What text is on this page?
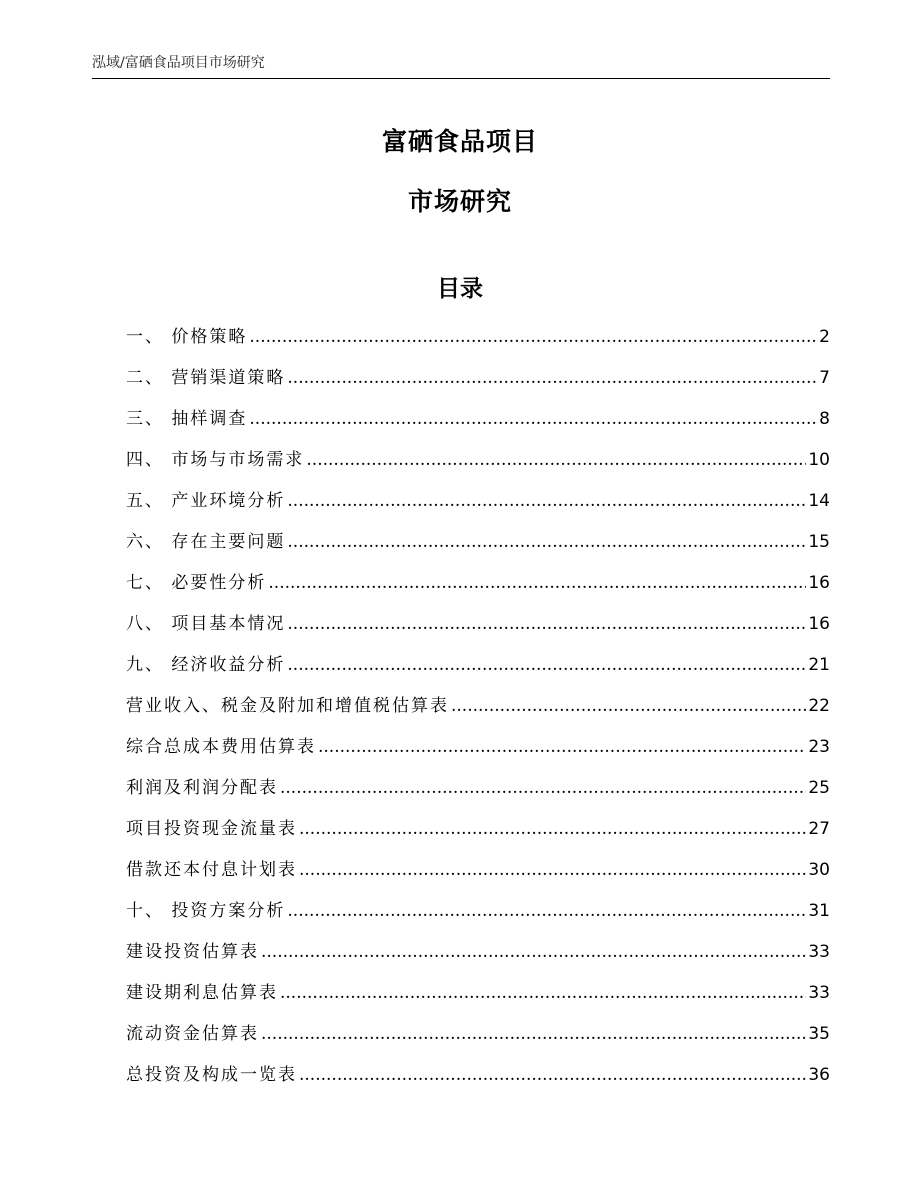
泓域/富硒食品项目市场研究
富硒食品项目
市场研究
目录
一、 价格策略 .....	2
二、 营销渠道策略 .....	7
三、 抽样调查 .....	8
四、 市场与市场需求 .....	10
五、 产业环境分析 .....	14
六、 存在主要问题 .....	15
七、 必要性分析 .....	16
八、 项目基本情况 .....	16
九、 经济收益分析 .....	21
营业收入、税金及附加和增值税估算表 .....	22
综合总成本费用估算表 .....	23
利润及利润分配表 .....	25
项目投资现金流量表 .....	27
借款还本付息计划表 .....	30
十、 投资方案分析 .....	31
建设投资估算表 .....	33
建设期利息估算表 .....	33
流动资金估算表 .....	35
总投资及构成一览表 .....	36
